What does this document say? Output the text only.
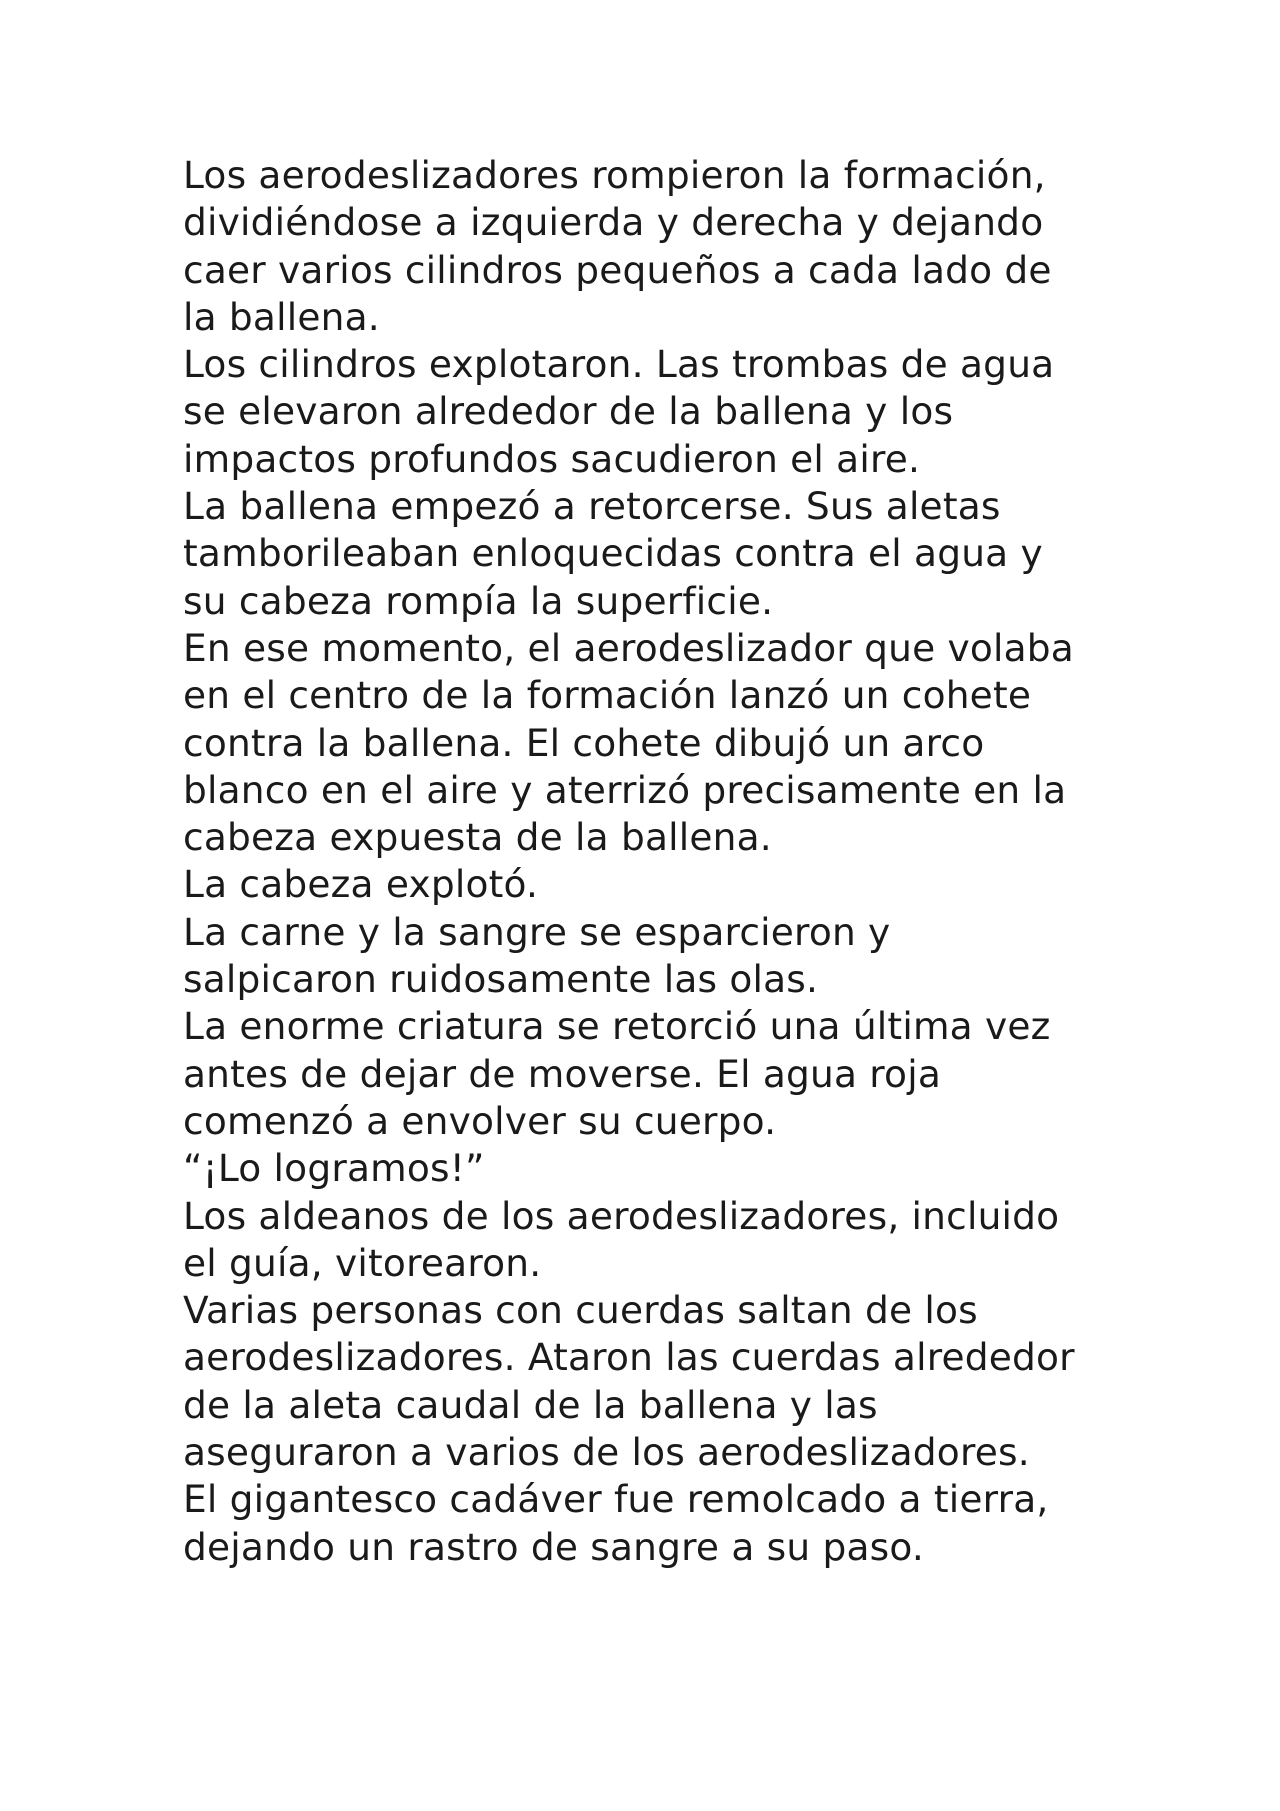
Los aerodeslizadores rompieron la formación,
dividiéndose a izquierda y derecha y dejando
caer varios cilindros pequeños a cada lado de
la ballena.
Los cilindros explotaron. Las trombas de agua
se elevaron alrededor de la ballena y los
impactos profundos sacudieron el aire.
La ballena empezó a retorcerse. Sus aletas
tamborileaban enloquecidas contra el agua y
su cabeza rompía la superficie.
En ese momento, el aerodeslizador que volaba
en el centro de la formación lanzó un cohete
contra la ballena. El cohete dibujó un arco
blanco en el aire y aterrizó precisamente en la
cabeza expuesta de la ballena.
La cabeza explotó.
La carne y la sangre se esparcieron y
salpicaron ruidosamente las olas.
La enorme criatura se retorció una última vez
antes de dejar de moverse. El agua roja
comenzó a envolver su cuerpo.
“¡Lo logramos!”
Los aldeanos de los aerodeslizadores, incluido
el guía, vitorearon.
Varias personas con cuerdas saltan de los
aerodeslizadores. Ataron las cuerdas alrededor
de la aleta caudal de la ballena y las
aseguraron a varios de los aerodeslizadores.
El gigantesco cadáver fue remolcado a tierra,
dejando un rastro de sangre a su paso.
